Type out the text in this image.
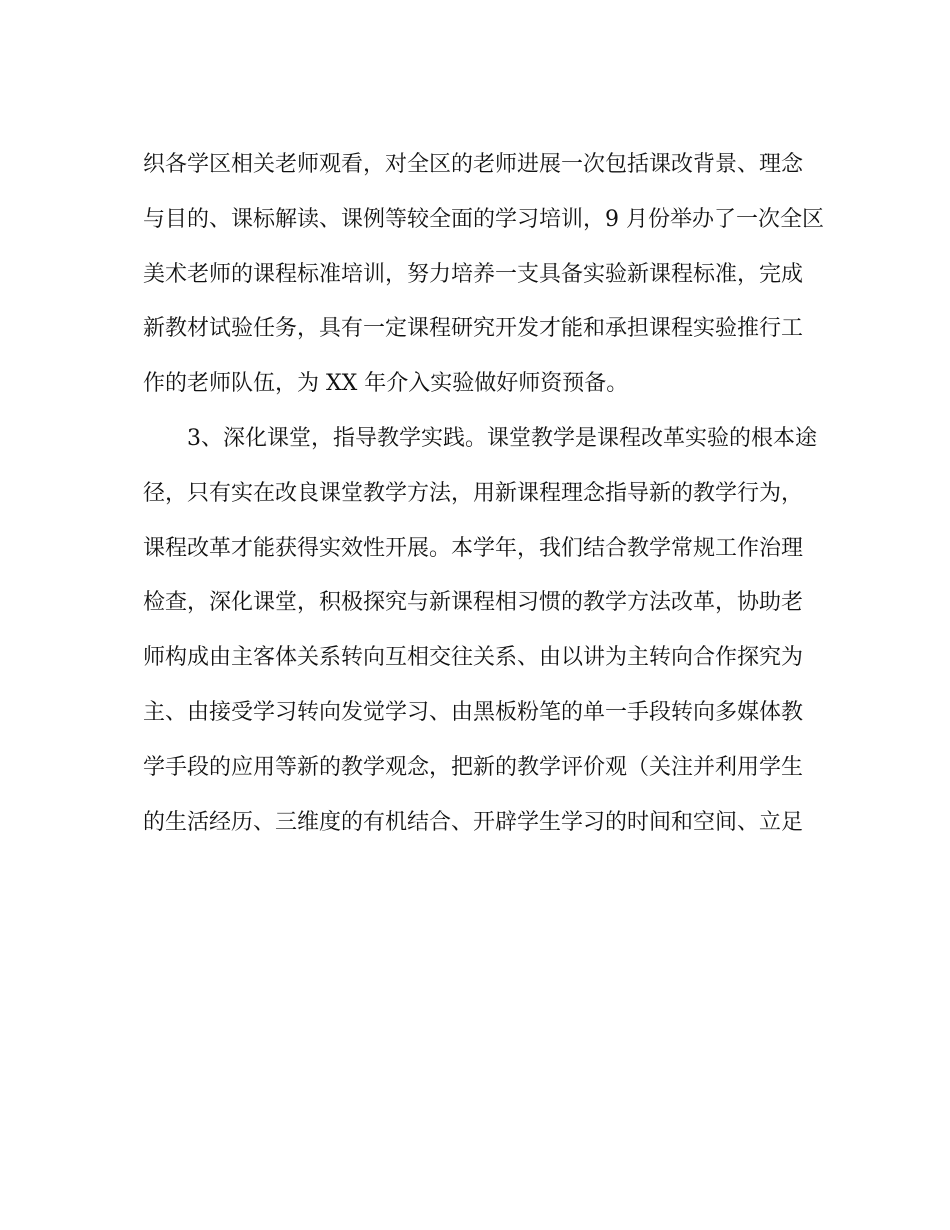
织各学区相关老师观看，对全区的老师进展一次包括课改背景、理念
与目的、课标解读、课例等较全面的学习培训，9 月份举办了一次全区
美术老师的课程标准培训，努力培养一支具备实验新课程标准，完成
新教材试验任务，具有一定课程研究开发才能和承担课程实验推行工
作的老师队伍，为 XX 年介入实验做好师资预备。
3、深化课堂，指导教学实践。课堂教学是课程改革实验的根本途
径，只有实在改良课堂教学方法，用新课程理念指导新的教学行为，
课程改革才能获得实效性开展。本学年，我们结合教学常规工作治理
检查，深化课堂，积极探究与新课程相习惯的教学方法改革，协助老
师构成由主客体关系转向互相交往关系、由以讲为主转向合作探究为
主、由接受学习转向发觉学习、由黑板粉笔的单一手段转向多媒体教
学手段的应用等新的教学观念，把新的教学评价观（关注并利用学生
的生活经历、三维度的有机结合、开辟学生学习的时间和空间、立足
